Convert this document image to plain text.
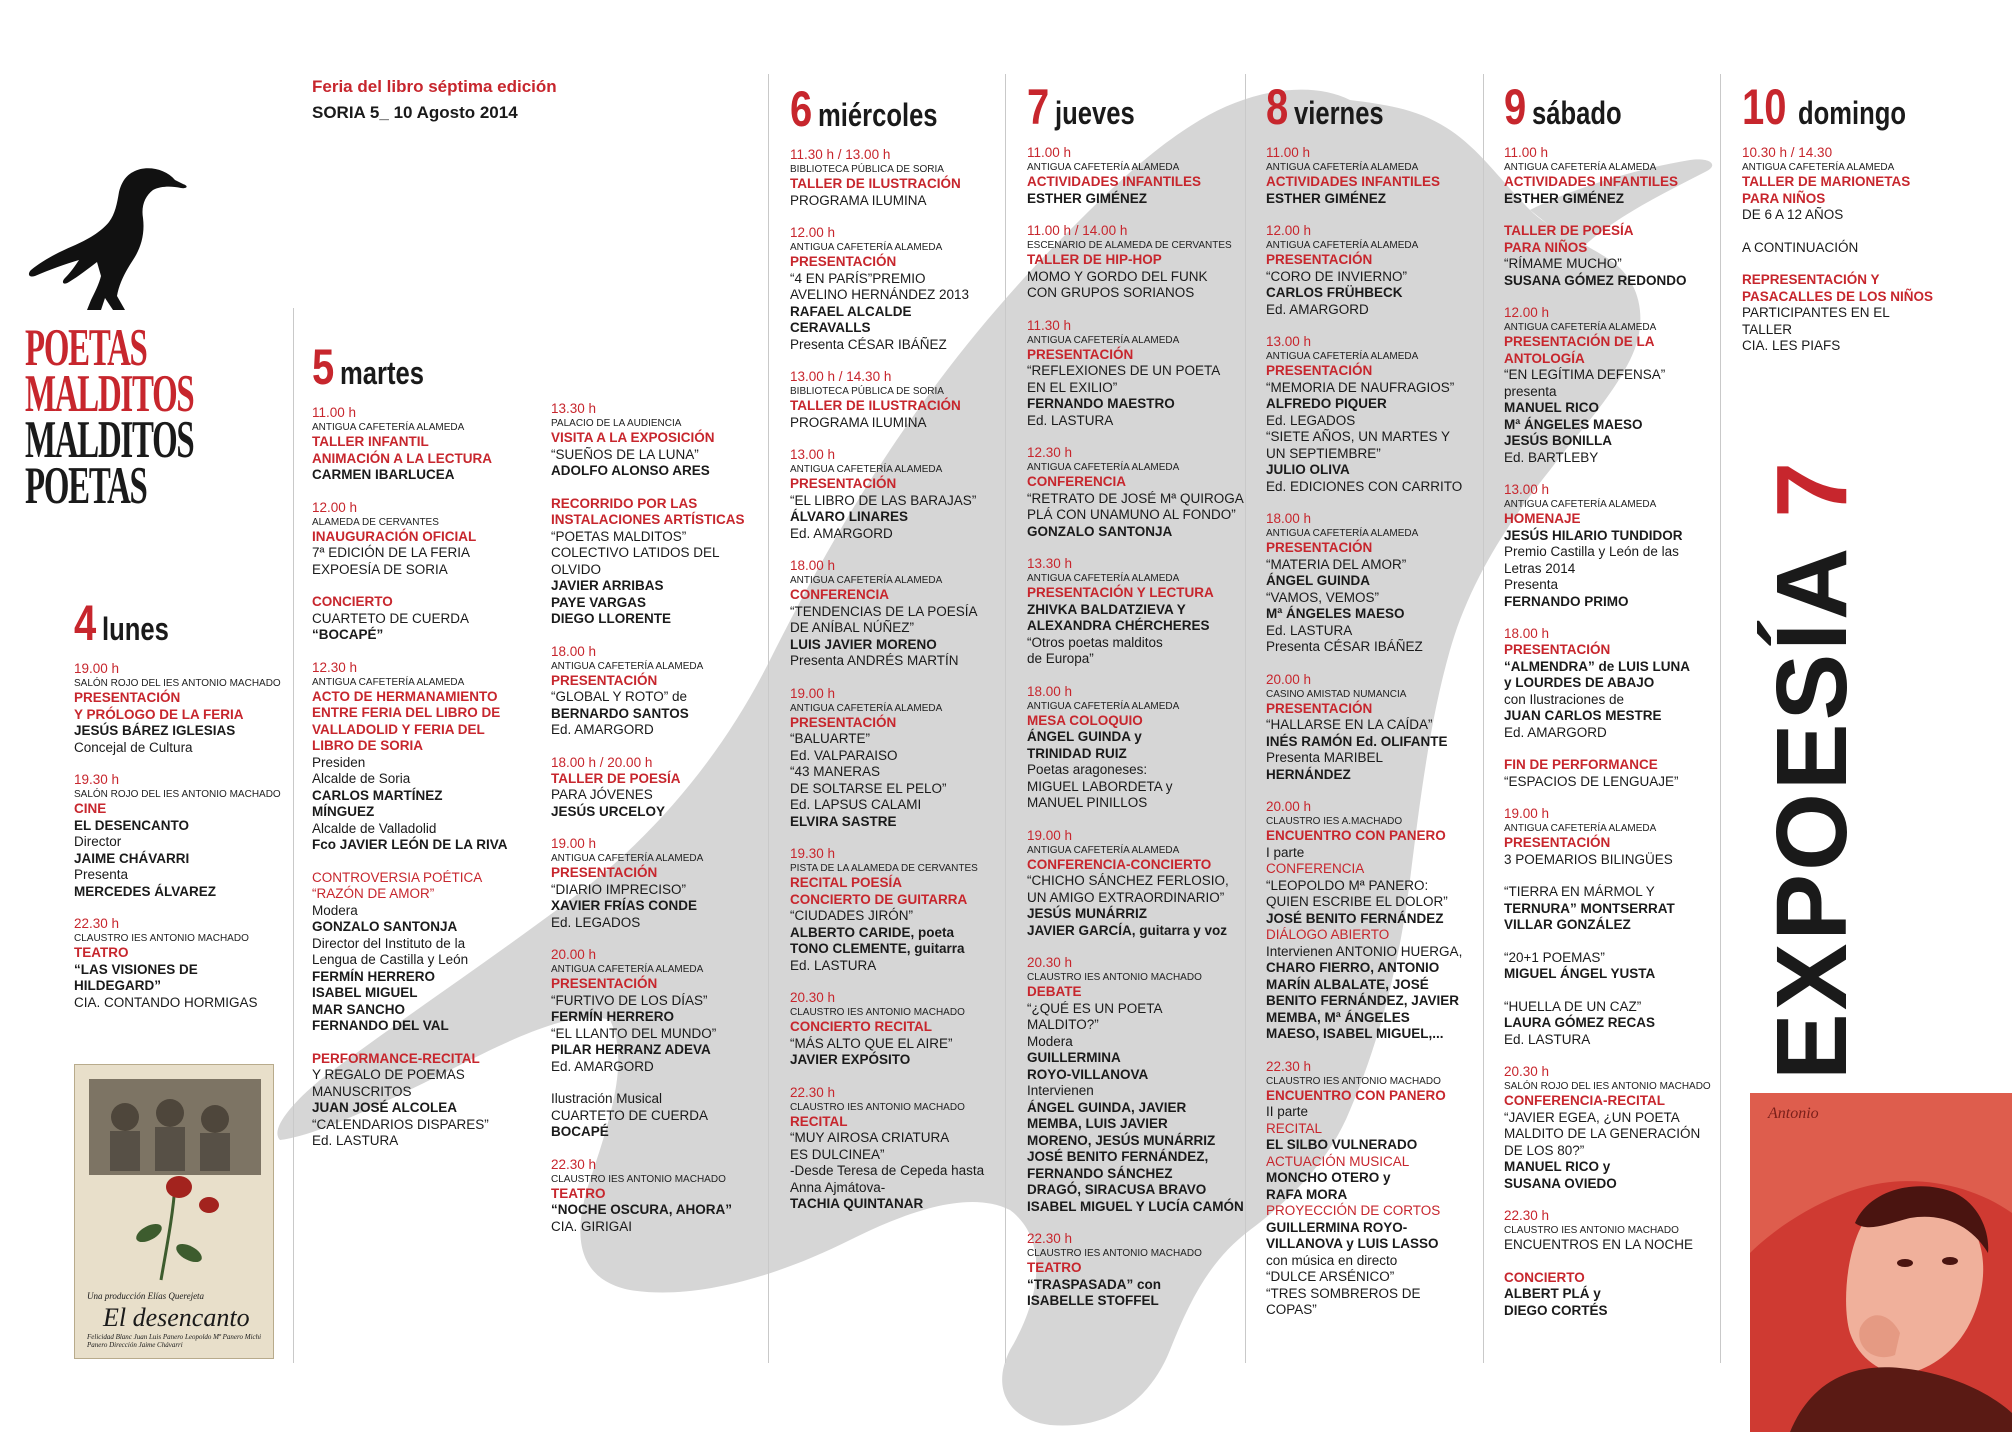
Feria del libro séptima edición
SORIA 5_ 10 Agosto 2014
POETAS
MALDITOS
MALDITOS
POETAS
4 lunes
19.00 h
SALÓN ROJO DEL IES ANTONIO MACHADO
PRESENTACIÓN
Y PRÓLOGO DE LA FERIA
JESÚS BÁREZ IGLESIAS
Concejal de Cultura
19.30 h
SALÓN ROJO DEL IES ANTONIO MACHADO
CINE
EL DESENCANTO
Director
JAIME CHÁVARRI
Presenta
MERCEDES ÁLVAREZ
22.30 h
CLAUSTRO IES ANTONIO MACHADO
TEATRO
“LAS VISIONES DE
HILDEGARD”
CIA. CONTANDO HORMIGAS
5 martes
11.00 h
ANTIGUA CAFETERÍA ALAMEDA
TALLER INFANTIL
ANIMACIÓN A LA LECTURA
CARMEN IBARLUCEA
12.00 h
ALAMEDA DE CERVANTES
INAUGURACIÓN OFICIAL
7ª EDICIÓN DE LA FERIA
EXPOESÍA DE SORIA
CONCIERTO
CUARTETO DE CUERDA
“BOCAPÉ”
12.30 h
ANTIGUA CAFETERÍA ALAMEDA
ACTO DE HERMANAMIENTO
ENTRE FERIA DEL LIBRO DE
VALLADOLID Y FERIA DEL
LIBRO DE SORIA
Presiden
Alcalde de Soria
CARLOS MARTÍNEZ
MÍNGUEZ
Alcalde de Valladolid
Fco JAVIER LEÓN DE LA RIVA
CONTROVERSIA POÉTICA
“RAZÓN DE AMOR”
Modera
GONZALO SANTONJA
Director del Instituto de la
Lengua de Castilla y León
FERMÍN HERRERO
ISABEL MIGUEL
MAR SANCHO
FERNANDO DEL VAL
PERFORMANCE-RECITAL
Y REGALO DE POEMAS
MANUSCRITOS
JUAN JOSÉ ALCOLEA
“CALENDARIOS DISPARES”
Ed. LASTURA
13.30 h
PALACIO DE LA AUDIENCIA
VISITA A LA EXPOSICIÓN
“SUEÑOS DE LA LUNA”
ADOLFO ALONSO ARES
RECORRIDO POR LAS
INSTALACIONES ARTÍSTICAS
“POETAS MALDITOS”
COLECTIVO LATIDOS DEL
OLVIDO
JAVIER ARRIBAS
PAYE VARGAS
DIEGO LLORENTE
18.00 h
ANTIGUA CAFETERÍA ALAMEDA
PRESENTACIÓN
“GLOBAL Y ROTO” de
BERNARDO SANTOS
Ed. AMARGORD
18.00 h / 20.00 h
TALLER DE POESÍA
PARA JÓVENES
JESÚS URCELOY
19.00 h
ANTIGUA CAFETERÍA ALAMEDA
PRESENTACIÓN
“DIARIO IMPRECISO”
XAVIER FRÍAS CONDE
Ed. LEGADOS
20.00 h
ANTIGUA CAFETERÍA ALAMEDA
PRESENTACIÓN
“FURTIVO DE LOS DÍAS”
FERMÍN HERRERO
“EL LLANTO DEL MUNDO”
PILAR HERRANZ ADEVA
Ed. AMARGORD
Ilustración Musical
CUARTETO DE CUERDA
BOCAPÉ
22.30 h
CLAUSTRO IES ANTONIO MACHADO
TEATRO
“NOCHE OSCURA, AHORA”
CIA. GIRIGAI
6 miércoles
11.30 h / 13.00 h
BIBLIOTECA PÚBLICA DE SORIA
TALLER DE ILUSTRACIÓN
PROGRAMA ILUMINA
12.00 h
ANTIGUA CAFETERÍA ALAMEDA
PRESENTACIÓN
“4 EN PARÍS”PREMIO
AVELINO HERNÁNDEZ 2013
RAFAEL ALCALDE
CERAVALLS
Presenta CÉSAR IBÁÑEZ
13.00 h / 14.30 h
BIBLIOTECA PÚBLICA DE SORIA
TALLER DE ILUSTRACIÓN
PROGRAMA ILUMINA
13.00 h
ANTIGUA CAFETERÍA ALAMEDA
PRESENTACIÓN
“EL LIBRO DE LAS BARAJAS”
ÁLVARO LINARES
Ed. AMARGORD
18.00 h
ANTIGUA CAFETERÍA ALAMEDA
CONFERENCIA
“TENDENCIAS DE LA POESÍA
DE ANÍBAL NÚÑEZ”
LUIS JAVIER MORENO
Presenta ANDRÉS MARTÍN
19.00 h
ANTIGUA CAFETERÍA ALAMEDA
PRESENTACIÓN
“BALUARTE”
Ed. VALPARAISO
“43 MANERAS
DE SOLTARSE EL PELO”
Ed. LAPSUS CALAMI
ELVIRA SASTRE
19.30 h
PISTA DE LA ALAMEDA DE CERVANTES
RECITAL POESÍA
CONCIERTO DE GUITARRA
“CIUDADES JIRÓN”
ALBERTO CARIDE, poeta
TONO CLEMENTE, guitarra
Ed. LASTURA
20.30 h
CLAUSTRO IES ANTONIO MACHADO
CONCIERTO RECITAL
“MÁS ALTO QUE EL AIRE”
JAVIER EXPÓSITO
22.30 h
CLAUSTRO IES ANTONIO MACHADO
RECITAL
“MUY AIROSA CRIATURA
ES DULCINEA”
-Desde Teresa de Cepeda hasta
Anna Ajmátova-
TACHIA QUINTANAR
7 jueves
11.00 h
ANTIGUA CAFETERÍA ALAMEDA
ACTIVIDADES INFANTILES
ESTHER GIMÉNEZ
11.00 h / 14.00 h
ESCENARIO DE ALAMEDA DE CERVANTES
TALLER DE HIP-HOP
MOMO Y GORDO DEL FUNK
CON GRUPOS SORIANOS
11.30 h
ANTIGUA CAFETERÍA ALAMEDA
PRESENTACIÓN
“REFLEXIONES DE UN POETA
EN EL EXILIO”
FERNANDO MAESTRO
Ed. LASTURA
12.30 h
ANTIGUA CAFETERÍA ALAMEDA
CONFERENCIA
“RETRATO DE JOSÉ Mª QUIROGA
PLÁ CON UNAMUNO AL FONDO”
GONZALO SANTONJA
13.30 h
ANTIGUA CAFETERÍA ALAMEDA
PRESENTACIÓN Y LECTURA
ZHIVKA BALDATZIEVA Y
ALEXANDRA CHÉRCHERES
“Otros poetas malditos
de Europa”
18.00 h
ANTIGUA CAFETERÍA ALAMEDA
MESA COLOQUIO
ÁNGEL GUINDA y
TRINIDAD RUIZ
Poetas aragoneses:
MIGUEL LABORDETA y
MANUEL PINILLOS
19.00 h
ANTIGUA CAFETERÍA ALAMEDA
CONFERENCIA-CONCIERTO
“CHICHO SÁNCHEZ FERLOSIO,
UN AMIGO EXTRAORDINARIO”
JESÚS MUNÁRRIZ
JAVIER GARCÍA, guitarra y voz
20.30 h
CLAUSTRO IES ANTONIO MACHADO
DEBATE
“¿QUÉ ES UN POETA
MALDITO?”
Modera
GUILLERMINA
ROYO-VILLANOVA
Intervienen
ÁNGEL GUINDA, JAVIER
MEMBA, LUIS JAVIER
MORENO, JESÚS MUNÁRRIZ
JOSÉ BENITO FERNÁNDEZ,
FERNANDO SÁNCHEZ
DRAGÓ, SIRACUSA BRAVO
ISABEL MIGUEL Y LUCÍA CAMÓN
22.30 h
CLAUSTRO IES ANTONIO MACHADO
TEATRO
“TRASPASADA” con
ISABELLE STOFFEL
8 viernes
11.00 h
ANTIGUA CAFETERÍA ALAMEDA
ACTIVIDADES INFANTILES
ESTHER GIMÉNEZ
12.00 h
ANTIGUA CAFETERÍA ALAMEDA
PRESENTACIÓN
“CORO DE INVIERNO”
CARLOS FRÜHBECK
Ed. AMARGORD
13.00 h
ANTIGUA CAFETERÍA ALAMEDA
PRESENTACIÓN
“MEMORIA DE NAUFRAGIOS”
ALFREDO PIQUER
Ed. LEGADOS
“SIETE AÑOS, UN MARTES Y
UN SEPTIEMBRE”
JULIO OLIVA
Ed. EDICIONES CON CARRITO
18.00 h
ANTIGUA CAFETERÍA ALAMEDA
PRESENTACIÓN
“MATERIA DEL AMOR”
ÁNGEL GUINDA
“VAMOS, VEMOS”
Mª ÁNGELES MAESO
Ed. LASTURA
Presenta CÉSAR IBÁÑEZ
20.00 h
CASINO AMISTAD NUMANCIA
PRESENTACIÓN
“HALLARSE EN LA CAÍDA”
INÉS RAMÓN Ed. OLIFANTE
Presenta MARIBEL
HERNÁNDEZ
20.00 h
CLAUSTRO IES A.MACHADO
ENCUENTRO CON PANERO
I parte
CONFERENCIA
“LEOPOLDO Mª PANERO:
QUIEN ESCRIBE EL DOLOR”
JOSÉ BENITO FERNÁNDEZ
DIÁLOGO ABIERTO
Intervienen ANTONIO HUERGA,
CHARO FIERRO, ANTONIO
MARÍN ALBALATE, JOSÉ
BENITO FERNÁNDEZ, JAVIER
MEMBA, Mª ÁNGELES
MAESO, ISABEL MIGUEL,...
22.30 h
CLAUSTRO IES ANTONIO MACHADO
ENCUENTRO CON PANERO
II parte
RECITAL
EL SILBO VULNERADO
ACTUACIÓN MUSICAL
MONCHO OTERO y
RAFA MORA
PROYECCIÓN DE CORTOS
GUILLERMINA ROYO-
VILLANOVA y LUIS LASSO
con música en directo
“DULCE ARSÉNICO”
“TRES SOMBREROS DE
COPAS”
9 sábado
11.00 h
ANTIGUA CAFETERÍA ALAMEDA
ACTIVIDADES INFANTILES
ESTHER GIMÉNEZ
TALLER DE POESÍA
PARA NIÑOS
“RÍMAME MUCHO”
SUSANA GÓMEZ REDONDO
12.00 h
ANTIGUA CAFETERÍA ALAMEDA
PRESENTACIÓN DE LA
ANTOLOGÍA
“EN LEGÍTIMA DEFENSA”
presenta
MANUEL RICO
Mª ÁNGELES MAESO
JESÚS BONILLA
Ed. BARTLEBY
13.00 h
ANTIGUA CAFETERÍA ALAMEDA
HOMENAJE
JESÚS HILARIO TUNDIDOR
Premio Castilla y León de las
Letras 2014
Presenta
FERNANDO PRIMO
18.00 h
PRESENTACIÓN
“ALMENDRA” de LUIS LUNA
y LOURDES DE ABAJO
con Ilustraciones de
JUAN CARLOS MESTRE
Ed. AMARGORD
FIN DE PERFORMANCE
“ESPACIOS DE LENGUAJE”
19.00 h
ANTIGUA CAFETERÍA ALAMEDA
PRESENTACIÓN
3 POEMARIOS BILINGÜES
“TIERRA EN MÁRMOL Y
TERNURA” MONTSERRAT
VILLAR GONZÁLEZ
“20+1 POEMAS”
MIGUEL ÁNGEL YUSTA
“HUELLA DE UN CAZ”
LAURA GÓMEZ RECAS
Ed. LASTURA
20.30 h
SALÓN ROJO DEL IES ANTONIO MACHADO
CONFERENCIA-RECITAL
“JAVIER EGEA, ¿UN POETA
MALDITO DE LA GENERACIÓN
DE LOS 80?”
MANUEL RICO y
SUSANA OVIEDO
22.30 h
CLAUSTRO IES ANTONIO MACHADO
ENCUENTROS EN LA NOCHE
CONCIERTO
ALBERT PLÁ y
DIEGO CORTÉS
10 domingo
10.30 h / 14.30
ANTIGUA CAFETERÍA ALAMEDA
TALLER DE MARIONETAS
PARA NIÑOS
DE 6 A 12 AÑOS
A CONTINUACIÓN
REPRESENTACIÓN Y
PASACALLES DE LOS NIÑOS
PARTICIPANTES EN EL
TALLER
CIA. LES PIAFS
Una producción Elías Querejeta
El desencanto
Felicidad Blanc Juan Luis Panero Leopoldo Mª Panero Michi Panero Dirección Jaime Chávarri
EXPOESÍA 7
Antonio
